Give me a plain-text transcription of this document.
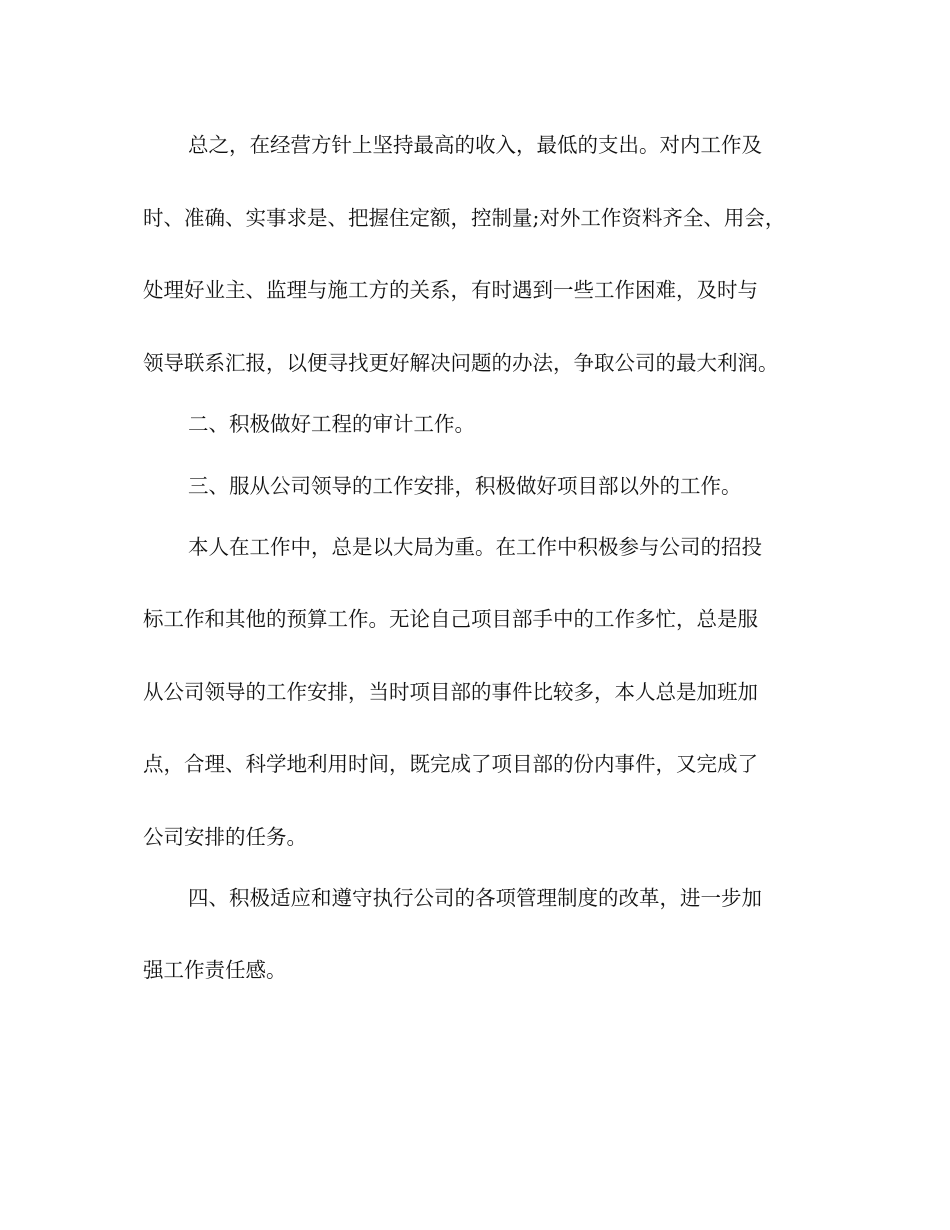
总之，在经营方针上坚持最高的收入，最低的支出。对内工作及
时、准确、实事求是、把握住定额，控制量;对外工作资料齐全、用会，
处理好业主、监理与施工方的关系，有时遇到一些工作困难，及时与
领导联系汇报，以便寻找更好解决问题的办法，争取公司的最大利润。
二、积极做好工程的审计工作。
三、服从公司领导的工作安排，积极做好项目部以外的工作。
本人在工作中，总是以大局为重。在工作中积极参与公司的招投
标工作和其他的预算工作。无论自己项目部手中的工作多忙，总是服
从公司领导的工作安排，当时项目部的事件比较多，本人总是加班加
点，合理、科学地利用时间，既完成了项目部的份内事件，又完成了
公司安排的任务。
四、积极适应和遵守执行公司的各项管理制度的改革，进一步加
强工作责任感。
